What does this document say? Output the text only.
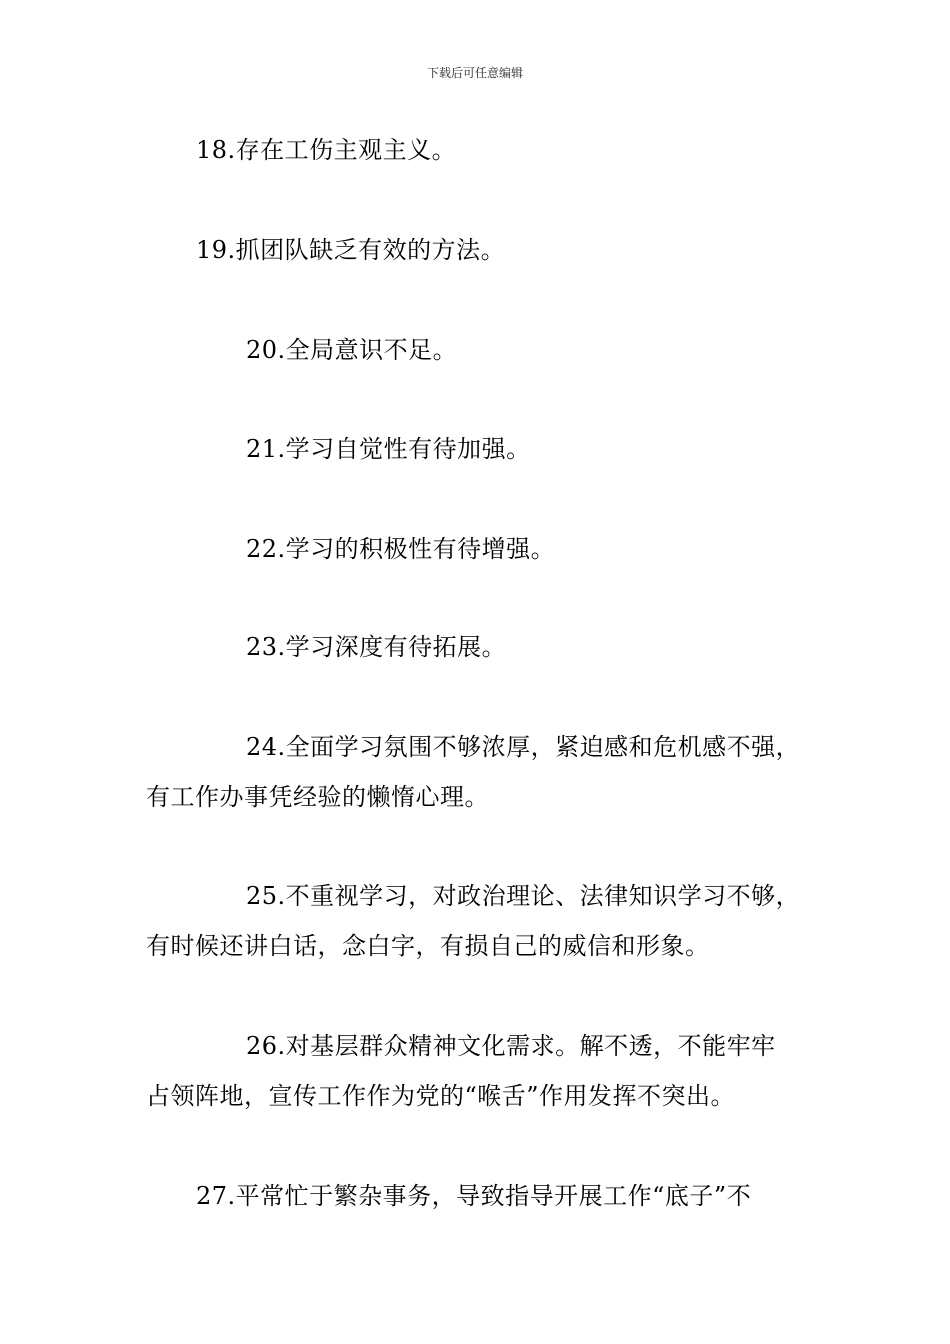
下载后可任意编辑
18.存在工伤主观主义。
19.抓团队缺乏有效的方法。
20.全局意识不足。
21.学习自觉性有待加强。
22.学习的积极性有待增强。
23.学习深度有待拓展。
24.全面学习氛围不够浓厚，紧迫感和危机感不强，
有工作办事凭经验的懒惰心理。
25.不重视学习，对政治理论、法律知识学习不够，
有时候还讲白话，念白字，有损自己的威信和形象。
26.对基层群众精神文化需求。解不透，不能牢牢
占领阵地，宣传工作作为党的“喉舌”作用发挥不突出。
27.平常忙于繁杂事务，导致指导开展工作“底子”不
